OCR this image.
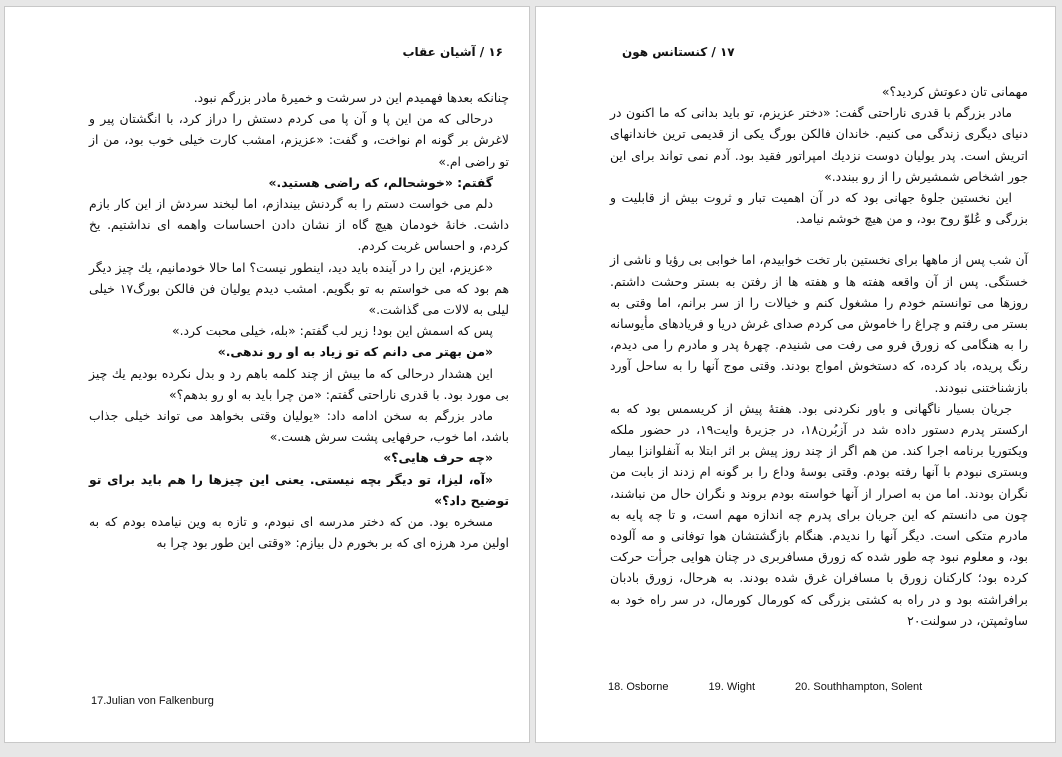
۱۶ / آشیان عقاب

چنانکه بعدها فهمیدم این در سرشت و خمیرهٔ مادر بزرگم نبود.

درحالی که من این پا و آن پا می کردم دستش را دراز کرد، با انگشتان پیر و لاغرش بر گونه ام نواخت، و گفت: «عزیزم، امشب کارت خیلی خوب بود، من از تو راضی ام.»

گفتم: «خوشحالم، که راضی هستید.»

دلم می خواست دستم را به گردنش بیندازم، اما لبخند سردش از این کار بازم داشت. خانهٔ خودمان هیچ گاه از نشان دادن احساسات واهمه ای نداشتیم. یخ کردم، و احساس غربت کردم.

«عزیزم، این را در آینده باید دید، اینطور نیست؟ اما حالا خودمانیم، یك چیز دیگر هم بود که می خواستم به تو بگویم. امشب دیدم یولیان فن فالکن بورگ۱۷ خیلی لیلی به لالات می گذاشت.»

پس که اسمش این بود! زیر لب گفتم: «بله، خیلی محبت کرد.»

«من بهتر می دانم که تو زیاد به او رو ندهی.»

این هشدار درحالی که ما بیش از چند کلمه باهم رد و بدل نکرده بودیم یك چیز بی مورد بود. با قدری ناراحتی گفتم: «من چرا باید به او رو بدهم؟»

مادر بزرگم به سخن ادامه داد: «یولیان وقتی بخواهد می تواند خیلی جذاب باشد، اما خوب، حرفهایی پشت سرش هست.»

«چه حرف هایی؟»

«آه، لیزا، تو دیگر بچه نیستی. یعنی این چیزها را هم باید برای تو توضیح داد؟»

مسخره بود. من که دختر مدرسه ای نبودم، و تازه به وین نیامده بودم که به اولین مرد هرزه ای که بر بخورم دل بیازم: «وقتی این طور بود چرا به

17.Julian von Falkenburg
۱۷ / کنستانس هون

مهمانی تان دعوتش کردید؟»

مادر بزرگم با قدری ناراحتی گفت: «دختر عزیزم، تو باید بدانی که ما اکنون در دنیای دیگری زندگی می کنیم. خاندان فالکن بورگ یکی از قدیمی ترین خاندانهای اتریش است. پدر یولیان دوست نزدیك امپراتور فقید بود. آدم نمی تواند برای این جور اشخاص شمشیرش را از رو ببندد.»

این نخستین جلوهٔ جهانی بود که در آن اهمیت تبار و ثروت بیش از قابلیت و بزرگی و عُلوّ روح بود، و من هیچ خوشم نیامد.

آن شب پس از ماهها برای نخستین بار تخت خوابیدم، اما خوابی بی رؤیا و ناشی از خستگی. پس از آن واقعه هفته ها و هفته ها از رفتن به بستر وحشت داشتم. روزها می توانستم خودم را مشغول کنم و خیالات را از سر برانم، اما وقتی به بستر می رفتم و چراغ را خاموش می کردم صدای غرش دریا و فریادهای مأیوسانه را به هنگامی که زورق فرو می رفت می شنیدم. چهرهٔ پدر و مادرم را می دیدم، رنگ پریده، باد کرده، که دستخوش امواج بودند. وقتی موج آنها را به ساحل آورد بازشناختنی نبودند.

جریان بسیار ناگهانی و باور نکردنی بود. هفتهٔ پیش از کریسمس بود که به ارکستر پدرم دستور داده شد در آزبُرن۱۸، در جزیرهٔ وایت۱۹، در حضور ملکه ویکتوریا برنامه اجرا کند. من هم اگر از چند روز پیش بر اثر ابتلا به آنفلوانزا بیمار وبستری نبودم با آنها رفته بودم. وقتی بوسهٔ وداع را بر گونه ام زدند از بابت من نگران بودند. اما من به اصرار از آنها خواسته بودم بروند و نگران حال من نباشند، چون می دانستم که این جریان برای پدرم چه اندازه مهم است، و تا چه پایه به مادرم متکی است. دیگر آنها را ندیدم. هنگام بازگشتشان هوا توفانی و مه آلوده بود، و معلوم نبود چه طور شده که زورق مسافربری در چنان هوایی جرأت حرکت کرده بود؛ کارکنان زورق با مسافران غرق شده بودند. به هرحال، زورق بادبان برافراشته بود و در راه به کشتی بزرگی که کورمال کورمال، در سر راه خود به ساوثمپتن، در سولنت۲۰

18. Osborne	19. Wight	20. Southhampton, Solent
